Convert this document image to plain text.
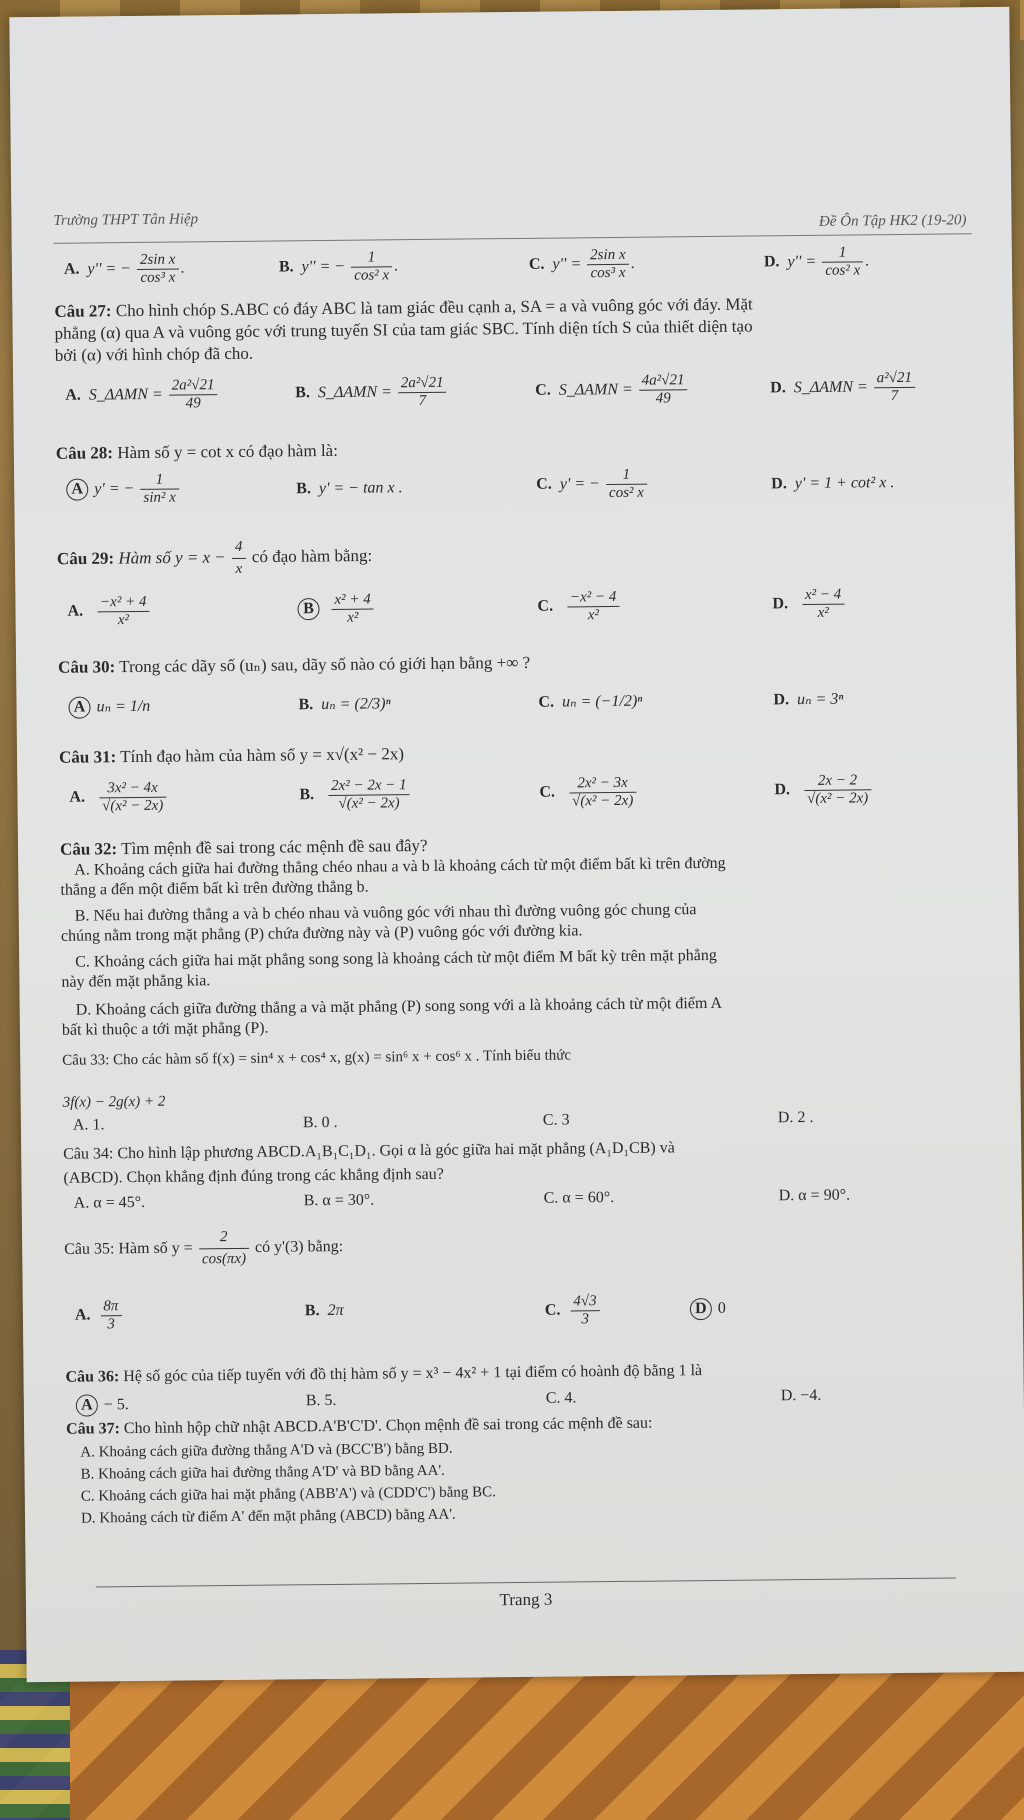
Trường THPT Tân Hiệp	Đề Ôn Tập HK2 (19-20)
A. y'' = − $\frac{\text{2sin x}}{\text{cos³ x}}$ .	B. y'' = − $\frac{1}{\text{cos² x}}$ .	C. $y'' = \frac{\text{2sin x}}{\text{cos³ x}}$ .	D. $y'' = \frac{1}{\text{cos² x}}$ .
Câu 27: Cho hình chóp S.ABC có đáy ABC là tam giác đều cạnh a, SA = a và vuông góc với đáy. Mặt
phẳng (α) qua A và vuông góc với trung tuyến SI của tam giác SBC. Tính diện tích S của thiết diện tạo
bởi (α) với hình chóp đã cho.
A. S_ΔAMN = $\frac{\text{2a²√21}}{49}$	B. S_ΔAMN = $\frac{\text{2a²√21}}{7}$	C. S_ΔAMN = $\frac{\text{4a²√21}}{49}$	D. S_ΔAMN = $\frac{\text{a²√21}}{7}$
Câu 28: Hàm số y = cot x có đạo hàm là:
A y' = − $\frac{1}{\text{sin² x}}$	B. y' = − tan x .	C. y' = − $\frac{1}{\text{cos² x}}$	D. y' = 1 + cot² x .
Câu 29: Hàm số $y = x - \frac{4}{x}$ có đạo hàm bằng:
A. $\frac{\text{−x² + 4}}{\text{x²}}$	B $\frac{\text{x² + 4}}{\text{x²}}$	C. $\frac{\text{−x² − 4}}{\text{x²}}$	D. $\frac{\text{x² − 4}}{\text{x²}}$
Câu 30: Trong các dãy số (uₙ) sau, dãy số nào có giới hạn bằng +∞ ?
A uₙ = 1/n	B. uₙ = (2/3)ⁿ	C. uₙ = (−1/2)ⁿ	D. uₙ = 3ⁿ
Câu 31: Tính đạo hàm của hàm số y = x√(x² − 2x)
A. $\frac{\text{3x² − 4x}}{\text{√(x² − 2x)}}$	B. $\frac{\text{2x² − 2x − 1}}{\text{√(x² − 2x)}}$	C. $\frac{\text{2x² − 3x}}{\text{√(x² − 2x)}}$	D. $\frac{2x - 2}{\text{√(x² − 2x)}}$
Câu 32: Tìm mệnh đề sai trong các mệnh đề sau đây?
A. Khoảng cách giữa hai đường thẳng chéo nhau a và b là khoảng cách từ một điểm bất kì trên đường
thẳng a đến một điểm bất kì trên đường thẳng b.
B. Nếu hai đường thẳng a và b chéo nhau và vuông góc với nhau thì đường vuông góc chung của
chúng nằm trong mặt phẳng (P) chứa đường này và (P) vuông góc với đường kia.
C. Khoảng cách giữa hai mặt phẳng song song là khoảng cách từ một điểm M bất kỳ trên mặt phẳng
này đến mặt phẳng kia.
D. Khoảng cách giữa đường thẳng a và mặt phẳng (P) song song với a là khoảng cách từ một điểm A
bất kì thuộc a tới mặt phẳng (P).
Câu 33: Cho các hàm số f(x) = sin⁴ x + cos⁴ x, g(x) = sin⁶ x + cos⁶ x . Tính biểu thức
3f(x) − 2g(x) + 2
A. 1.	B. 0 .	C. 3	D. 2 .
Câu 34: Cho hình lập phương ABCD.A₁B₁C₁D₁. Gọi α là góc giữa hai mặt phẳng (A₁D₁CB) và
(ABCD). Chọn khẳng định đúng trong các khẳng định sau?
A. α = 45°.	B. α = 30°.	C. α = 60°.	D. α = 90°.
Câu 35: Hàm số $y = \frac{2}{\cos(\pi x)}$ có y'(3) bằng:
A. $\frac{8\pi}{3}$	B. 2π	C. $\frac{4√3}{3}$	D 0
Câu 36: Hệ số góc của tiếp tuyến với đồ thị hàm số y = x³ − 4x² + 1 tại điểm có hoành độ bằng 1 là
A − 5.	B. 5.	C. 4.	D. −4.
Câu 37: Cho hình hộp chữ nhật ABCD.A'B'C'D'. Chọn mệnh đề sai trong các mệnh đề sau:
A. Khoảng cách giữa đường thẳng A'D và (BCC'B') bằng BD.
B. Khoảng cách giữa hai đường thẳng A'D' và BD bằng AA'.
C. Khoảng cách giữa hai mặt phẳng (ABB'A') và (CDD'C') bằng BC.
D. Khoảng cách từ điểm A' đến mặt phẳng (ABCD) bằng AA'.
Trang 3
